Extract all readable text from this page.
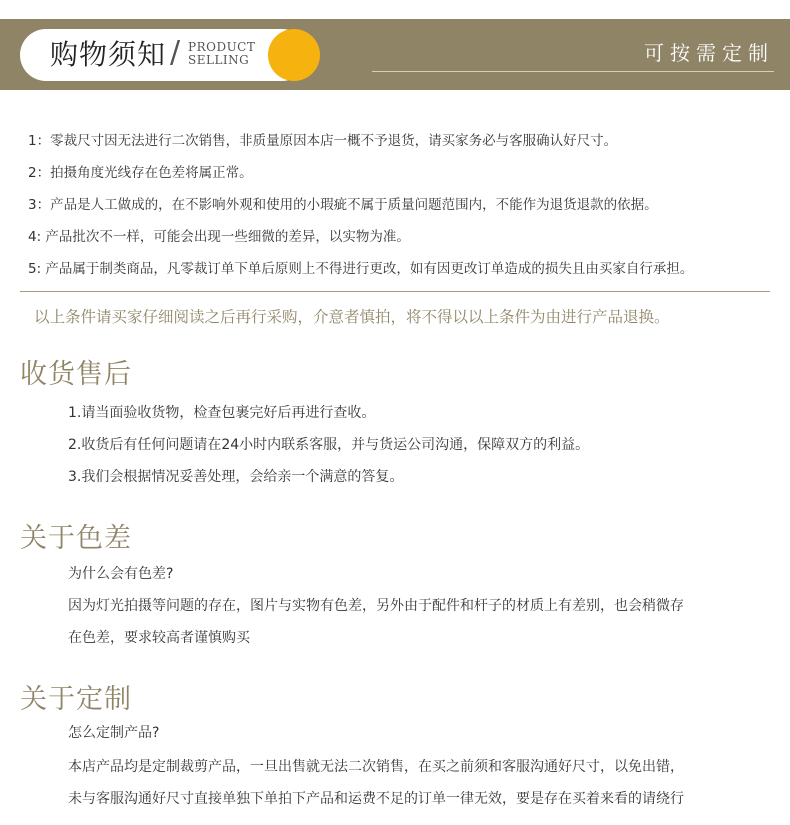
购物须知 / PRODUCT
SELLING	可按需定制
1：零裁尺寸因无法进行二次销售，非质量原因本店一概不予退货，请买家务必与客服确认好尺寸。
2：拍摄角度光线存在色差将属正常。
3：产品是人工做成的，在不影响外观和使用的小瑕疵不属于质量问题范围内，不能作为退货退款的依据。
4: 产品批次不一样，可能会出现一些细微的差异，以实物为准。
5: 产品属于制类商品，凡零裁订单下单后原则上不得进行更改，如有因更改订单造成的损失且由买家自行承担。
以上条件请买家仔细阅读之后再行采购，介意者慎拍，将不得以以上条件为由进行产品退换。
收货售后
1.请当面验收货物，检查包裹完好后再进行查收。
2.收货后有任何问题请在24小时内联系客服，并与货运公司沟通，保障双方的利益。
3.我们会根据情况妥善处理，会给亲一个满意的答复。
关于色差
为什么会有色差?
因为灯光拍摄等问题的存在，图片与实物有色差，另外由于配件和杆子的材质上有差别，也会稍微存
在色差，要求较高者谨慎购买
关于定制
怎么定制产品?
本店产品均是定制裁剪产品，一旦出售就无法二次销售，在买之前须和客服沟通好尺寸，以免出错，
未与客服沟通好尺寸直接单独下单拍下产品和运费不足的订单一律无效，要是存在买着来看的请绕行
